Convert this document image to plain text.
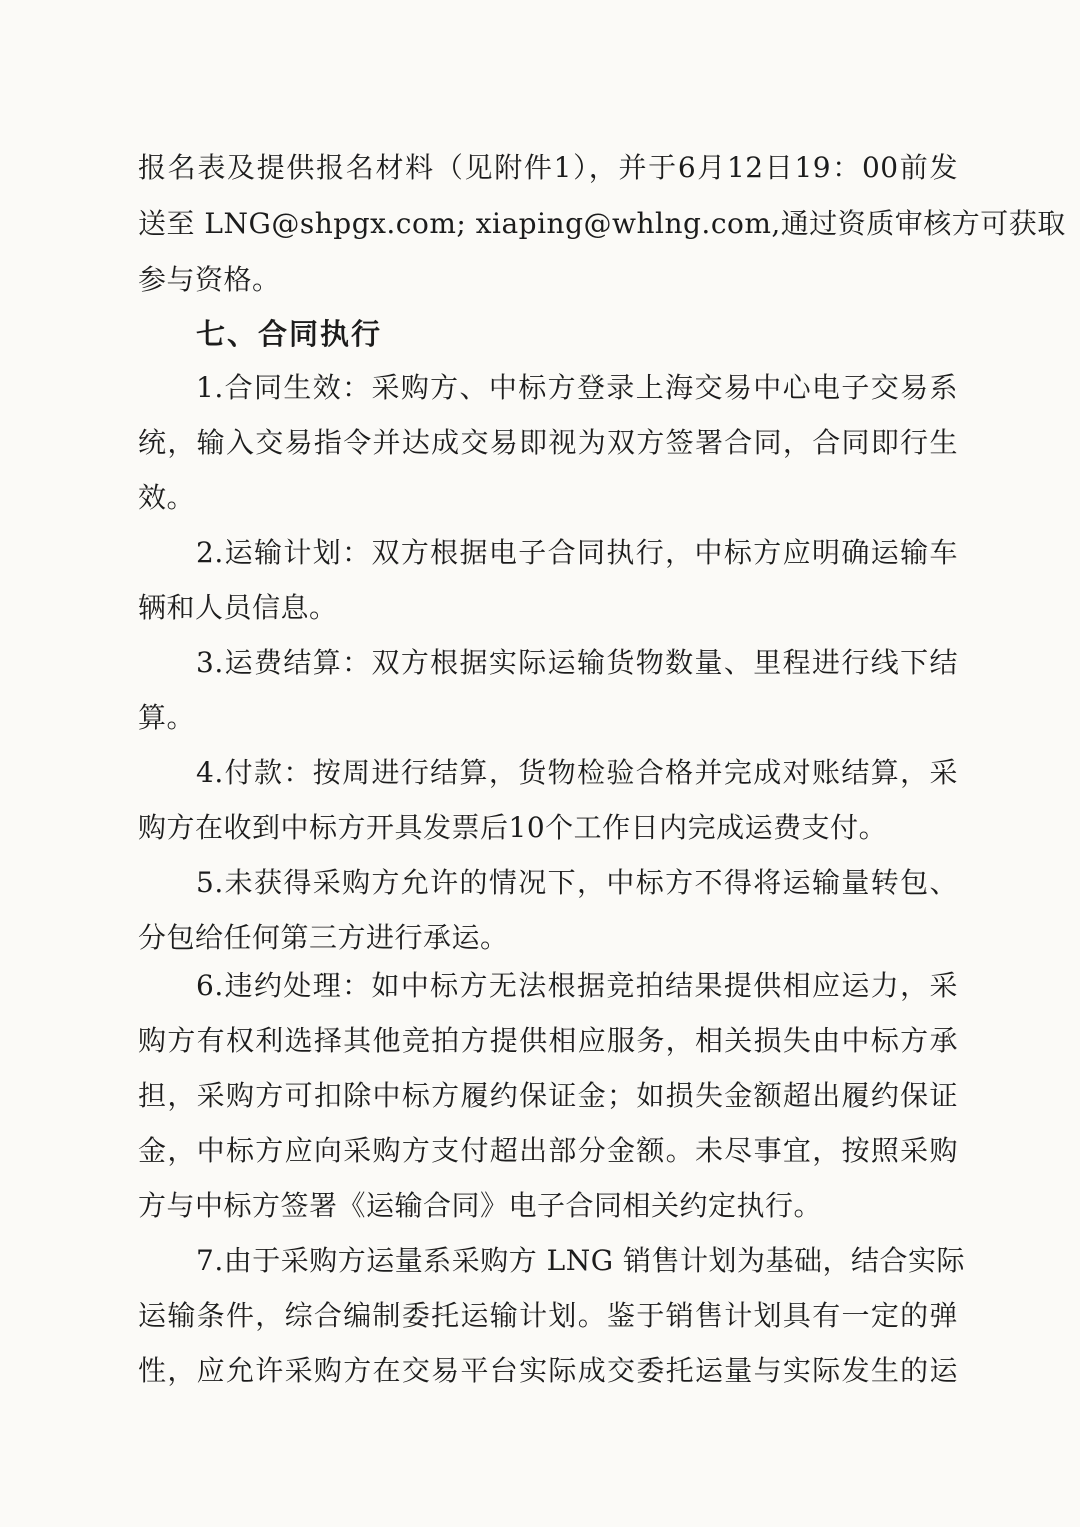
报名表及提供报名材料（见附件1），并于6月12日19：00前发
送至 LNG@shpgx.com; xiaping@whlng.com,通过资质审核方可获取
参与资格。
七、合同执行
1.合同生效：采购方、中标方登录上海交易中心电子交易系
统，输入交易指令并达成交易即视为双方签署合同，合同即行生
效。
2.运输计划：双方根据电子合同执行，中标方应明确运输车
辆和人员信息。
3.运费结算：双方根据实际运输货物数量、里程进行线下结
算。
4.付款：按周进行结算，货物检验合格并完成对账结算，采
购方在收到中标方开具发票后10个工作日内完成运费支付。
5.未获得采购方允许的情况下，中标方不得将运输量转包、
分包给任何第三方进行承运。
6.违约处理：如中标方无法根据竞拍结果提供相应运力，采
购方有权利选择其他竞拍方提供相应服务，相关损失由中标方承
担，采购方可扣除中标方履约保证金；如损失金额超出履约保证
金，中标方应向采购方支付超出部分金额。未尽事宜，按照采购
方与中标方签署《运输合同》电子合同相关约定执行。
7.由于采购方运量系采购方 LNG 销售计划为基础，结合实际
运输条件，综合编制委托运输计划。鉴于销售计划具有一定的弹
性，应允许采购方在交易平台实际成交委托运量与实际发生的运
